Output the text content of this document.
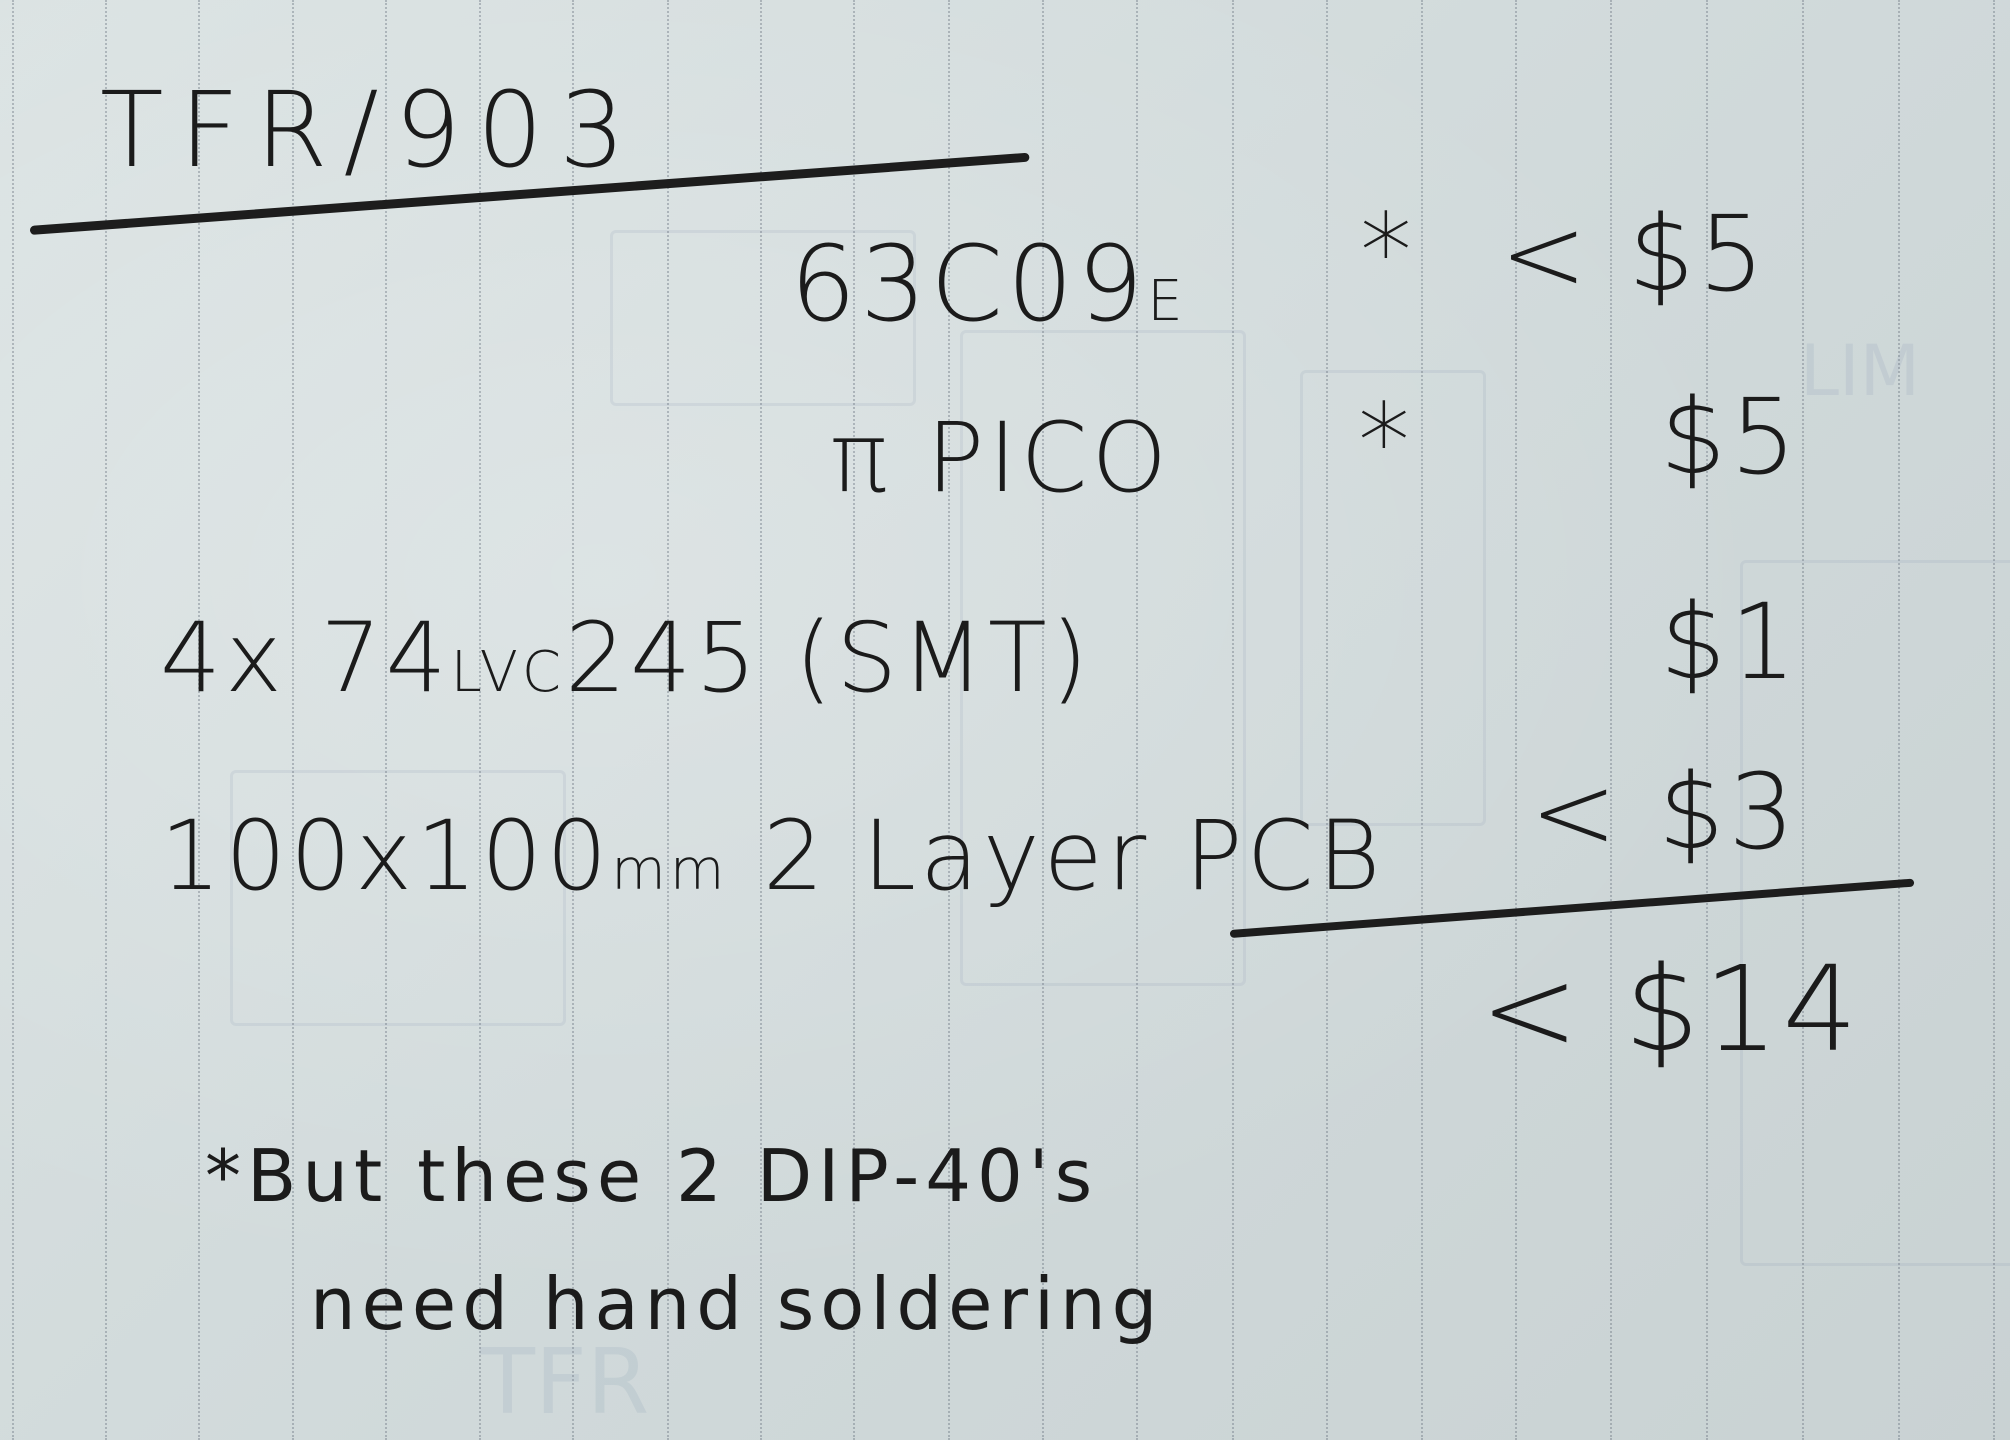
LIM
TFR
TFR/903
63C09E * < $5
π PICO * $5
4x 74LVC245 (SMT)	$1
100x100mm 2 Layer PCB < $3
< $14
*But these 2 DIP-40's
need hand soldering
